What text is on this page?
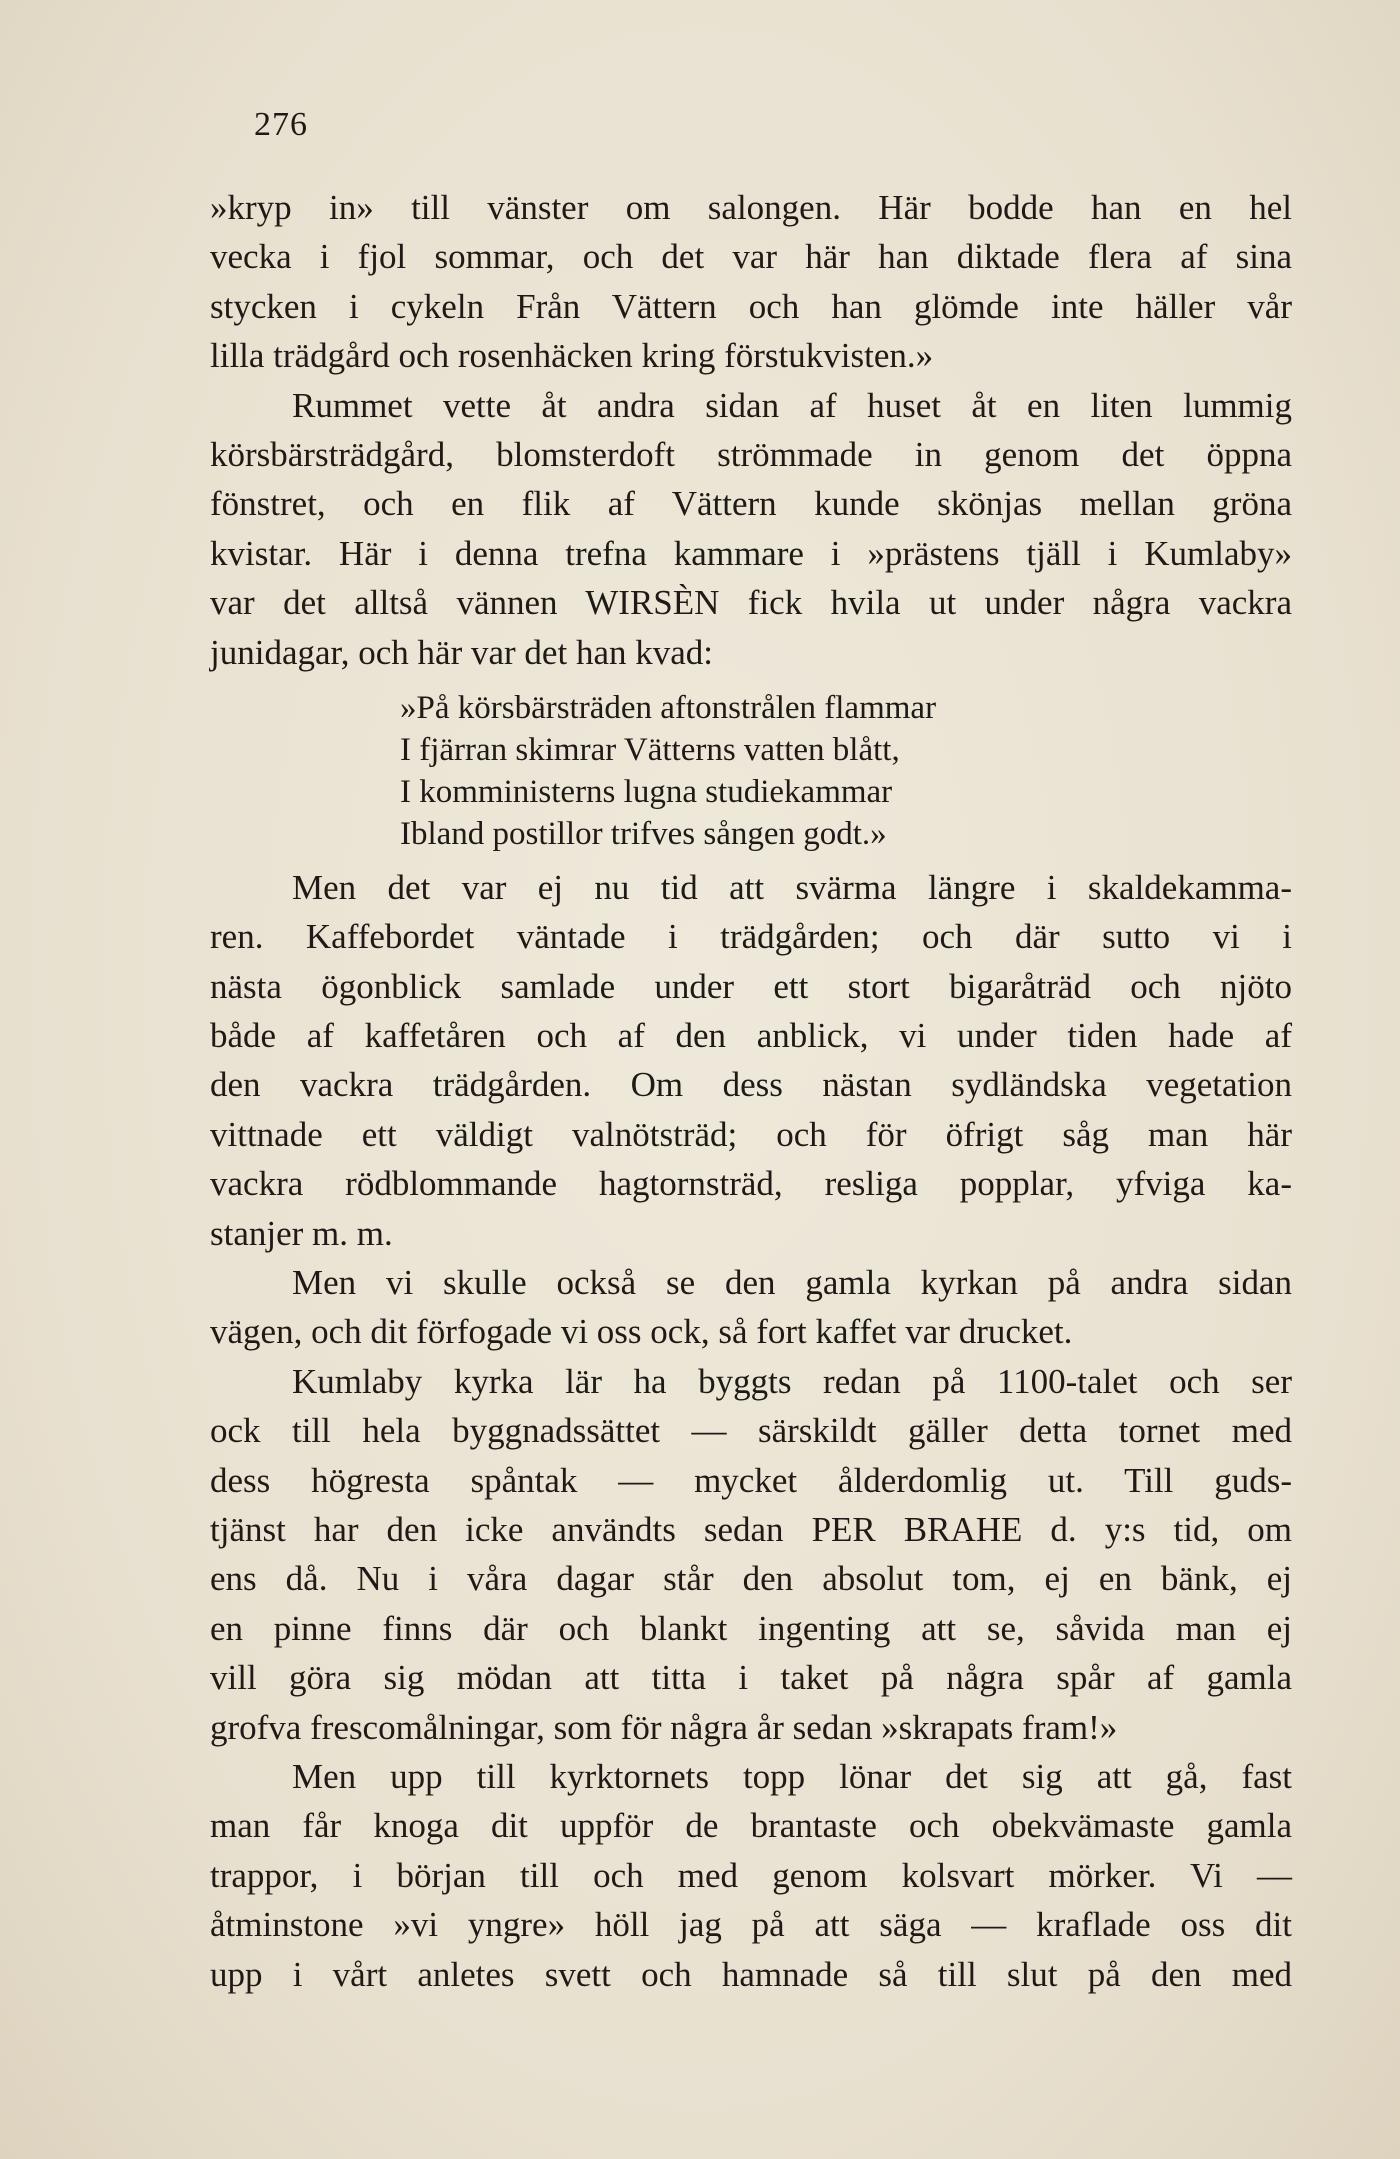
276
»kryp in» till vänster om salongen. Här bodde han en hel
vecka i fjol sommar, och det var här han diktade flera af sina
stycken i cykeln Från Vättern och han glömde inte häller vår
lilla trädgård och rosenhäcken kring förstukvisten.»
Rummet vette åt andra sidan af huset åt en liten lummig
körsbärsträdgård, blomsterdoft strömmade in genom det öppna
fönstret, och en flik af Vättern kunde skönjas mellan gröna
kvistar. Här i denna trefna kammare i »prästens tjäll i Kumlaby»
var det alltså vännen WIRSÈN fick hvila ut under några vackra
junidagar, och här var det han kvad:
»På körsbärsträden aftonstrålen flammar
I fjärran skimrar Vätterns vatten blått,
I komministerns lugna studiekammar
Ibland postillor trifves sången godt.»
Men det var ej nu tid att svärma längre i skaldekamma-
ren. Kaffebordet väntade i trädgården; och där sutto vi i
nästa ögonblick samlade under ett stort bigaråträd och njöto
både af kaffetåren och af den anblick, vi under tiden hade af
den vackra trädgården. Om dess nästan sydländska vegetation
vittnade ett väldigt valnötsträd; och för öfrigt såg man här
vackra rödblommande hagtornsträd, resliga popplar, yfviga ka-
stanjer m. m.
Men vi skulle också se den gamla kyrkan på andra sidan
vägen, och dit förfogade vi oss ock, så fort kaffet var drucket.
Kumlaby kyrka lär ha byggts redan på 1100-talet och ser
ock till hela byggnadssättet — särskildt gäller detta tornet med
dess högresta spåntak — mycket ålderdomlig ut. Till guds-
tjänst har den icke användts sedan PER BRAHE d. y:s tid, om
ens då. Nu i våra dagar står den absolut tom, ej en bänk, ej
en pinne finns där och blankt ingenting att se, såvida man ej
vill göra sig mödan att titta i taket på några spår af gamla
grofva frescomålningar, som för några år sedan »skrapats fram!»
Men upp till kyrktornets topp lönar det sig att gå, fast
man får knoga dit uppför de brantaste och obekvämaste gamla
trappor, i början till och med genom kolsvart mörker. Vi —
åtminstone »vi yngre» höll jag på att säga — kraflade oss dit
upp i vårt anletes svett och hamnade så till slut på den med
